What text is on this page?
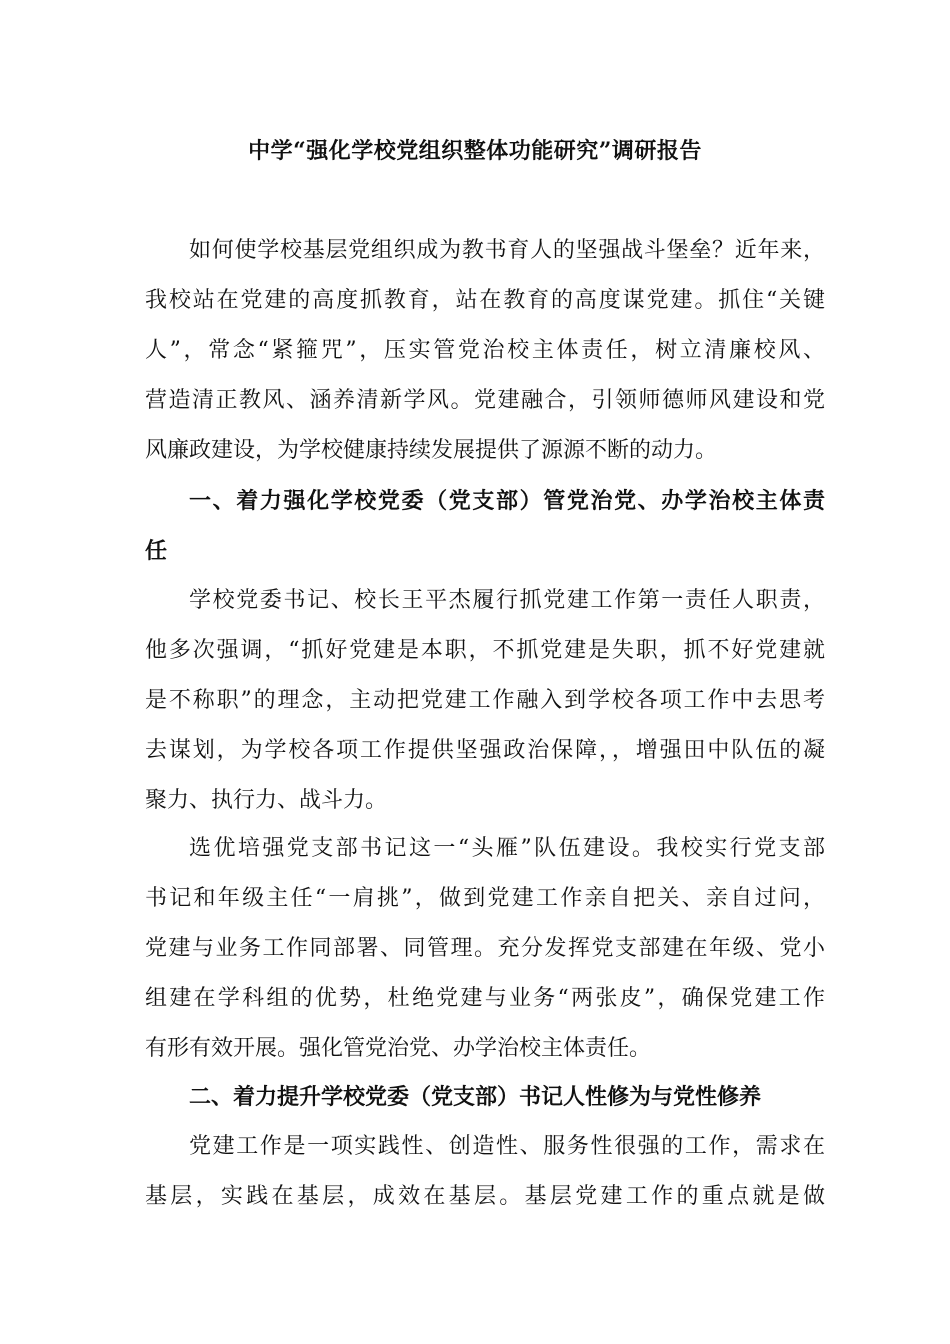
中学“强化学校党组织整体功能研究”调研报告
如何使学校基层党组织成为教书育人的坚强战斗堡垒？近年来，
我校站在党建的高度抓教育，站在教育的高度谋党建。抓住“关键
人”，常念“紧箍咒”，压实管党治校主体责任，树立清廉校风、
营造清正教风、涵养清新学风。党建融合，引领师德师风建设和党
风廉政建设，为学校健康持续发展提供了源源不断的动力。
一、着力强化学校党委（党支部）管党治党、办学治校主体责
任
学校党委书记、校长王平杰履行抓党建工作第一责任人职责，
他多次强调，“抓好党建是本职，不抓党建是失职，抓不好党建就
是不称职”的理念，主动把党建工作融入到学校各项工作中去思考
去谋划，为学校各项工作提供坚强政治保障，，增强田中队伍的凝
聚力、执行力、战斗力。
选优培强党支部书记这一“头雁”队伍建设。我校实行党支部
书记和年级主任“一肩挑”，做到党建工作亲自把关、亲自过问，
党建与业务工作同部署、同管理。充分发挥党支部建在年级、党小
组建在学科组的优势，杜绝党建与业务“两张皮”，确保党建工作
有形有效开展。强化管党治党、办学治校主体责任。
二、着力提升学校党委（党支部）书记人性修为与党性修养
党建工作是一项实践性、创造性、服务性很强的工作，需求在
基层，实践在基层，成效在基层。基层党建工作的重点就是做
